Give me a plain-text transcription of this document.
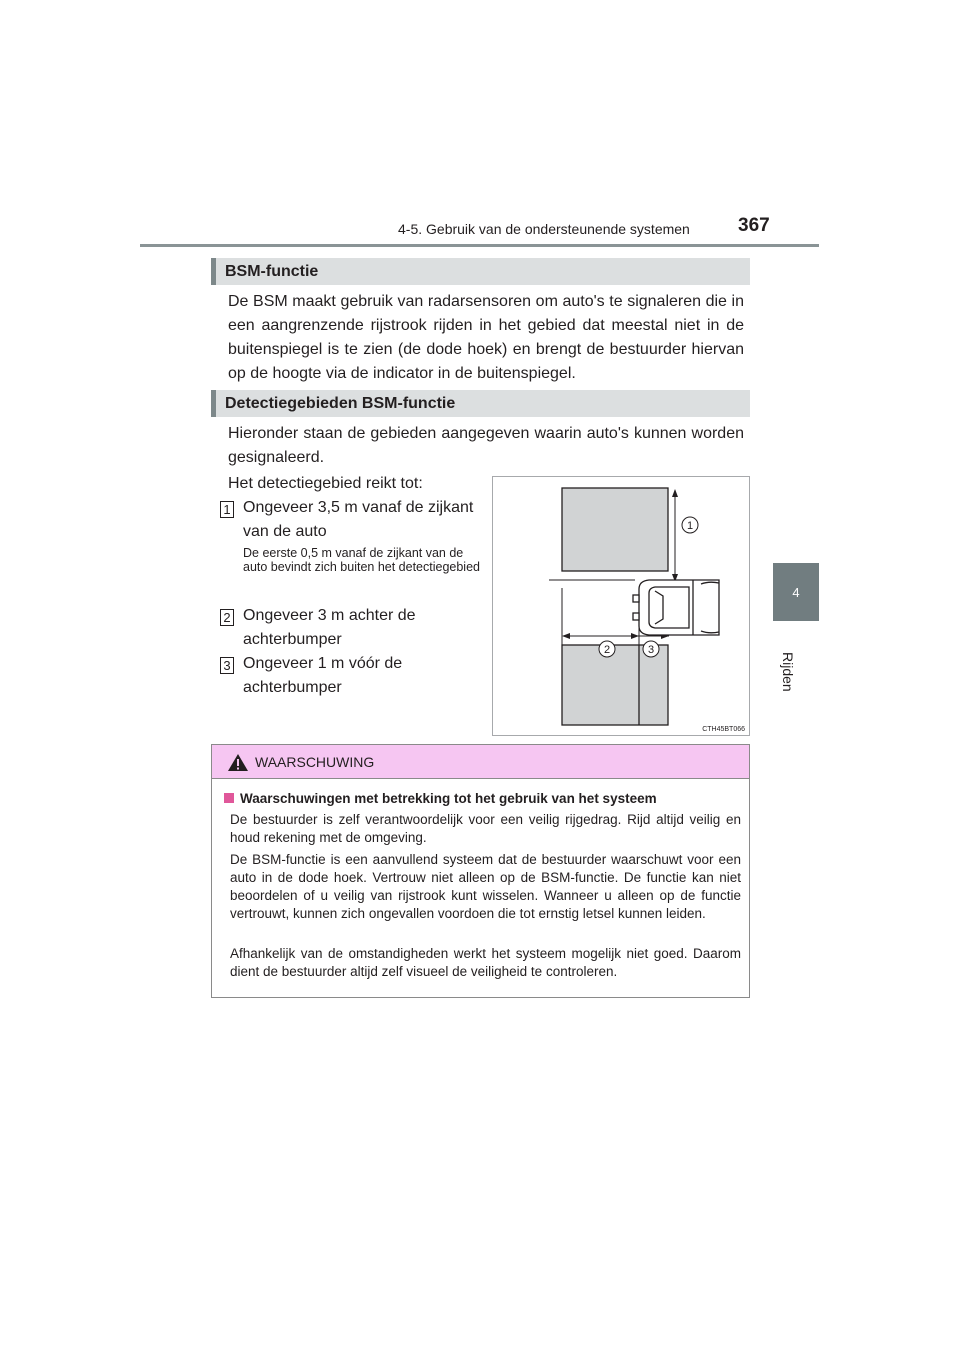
4-5. Gebruik van de ondersteunende systemen	367
4
Rijden
BSM-functie
De BSM maakt gebruik van radarsensoren om auto's te signaleren die in een aangrenzende rijstrook rijden in het gebied dat meestal niet in de buitenspiegel is te zien (de dode hoek) en brengt de bestuurder hiervan op de hoogte via de indicator in de buitenspiegel.
Detectiegebieden BSM-functie
Hieronder staan de gebieden aangegeven waarin auto's kunnen worden gesignaleerd.
Het detectiegebied reikt tot:
1 Ongeveer 3,5 m vanaf de zijkant van de auto
De eerste 0,5 m vanaf de zijkant van de auto bevindt zich buiten het detectiegebied
2 Ongeveer 3 m achter de achterbumper
3 Ongeveer 1 m vóór de achterbumper
1
2	3
CTH45BT066
WAARSCHUWING
Waarschuwingen met betrekking tot het gebruik van het systeem
De bestuurder is zelf verantwoordelijk voor een veilig rijgedrag. Rijd altijd veilig en houd rekening met de omgeving.
De BSM-functie is een aanvullend systeem dat de bestuurder waarschuwt voor een auto in de dode hoek. Vertrouw niet alleen op de BSM-functie. De functie kan niet beoordelen of u veilig van rijstrook kunt wisselen. Wanneer u alleen op de functie vertrouwt, kunnen zich ongevallen voordoen die tot ernstig letsel kunnen leiden.
Afhankelijk van de omstandigheden werkt het systeem mogelijk niet goed. Daarom dient de bestuurder altijd zelf visueel de veiligheid te controleren.
